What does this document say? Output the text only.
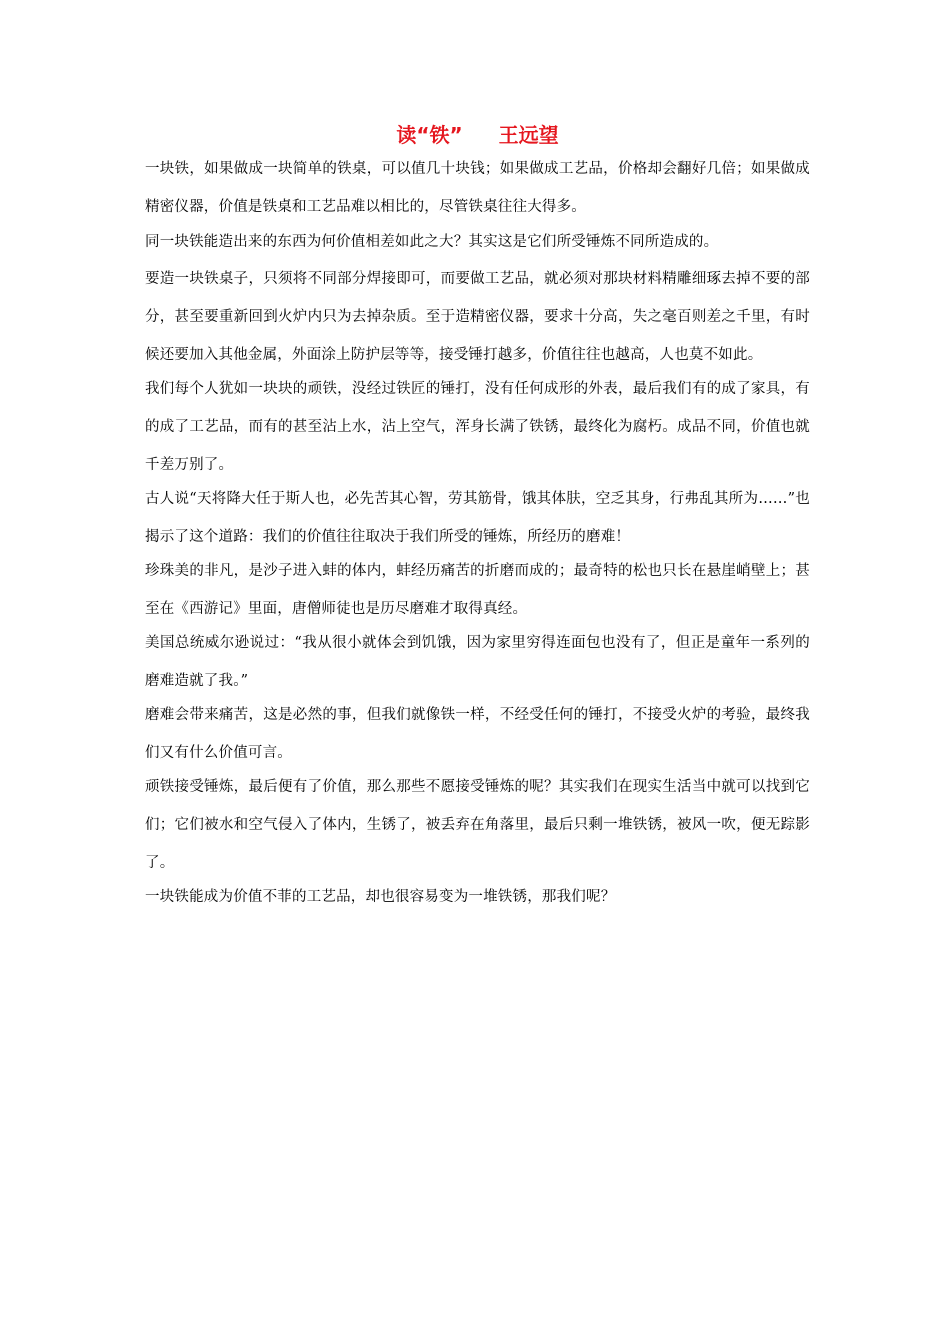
读“铁” 王远望

一块铁，如果做成一块简单的铁桌，可以值几十块钱；如果做成工艺品，价格却会翻好几倍；如果做成精密仪器，价值是铁桌和工艺品难以相比的，尽管铁桌往往大得多。

同一块铁能造出来的东西为何价值相差如此之大？其实这是它们所受锤炼不同所造成的。

要造一块铁桌子，只须将不同部分焊接即可，而要做工艺品，就必须对那块材料精雕细琢去掉不要的部分，甚至要重新回到火炉内只为去掉杂质。至于造精密仪器，要求十分高，失之毫百则差之千里，有时候还要加入其他金属，外面涂上防护层等等，接受锤打越多，价值往往也越高，人也莫不如此。

我们每个人犹如一块块的顽铁，没经过铁匠的锤打，没有任何成形的外表，最后我们有的成了家具，有的成了工艺品，而有的甚至沾上水，沾上空气，浑身长满了铁锈，最终化为腐朽。成品不同，价值也就千差万别了。

古人说“天将降大任于斯人也，必先苦其心智，劳其筋骨，饿其体肤，空乏其身，行弗乱其所为……”也揭示了这个道路：我们的价值往往取决于我们所受的锤炼，所经历的磨难！

珍珠美的非凡，是沙子进入蚌的体内，蚌经历痛苦的折磨而成的；最奇特的松也只长在悬崖峭壁上；甚至在《西游记》里面，唐僧师徒也是历尽磨难才取得真经。

美国总统威尔逊说过：“我从很小就体会到饥饿，因为家里穷得连面包也没有了，但正是童年一系列的磨难造就了我。”

磨难会带来痛苦，这是必然的事，但我们就像铁一样，不经受任何的锤打，不接受火炉的考验，最终我们又有什么价值可言。

顽铁接受锤炼，最后便有了价值，那么那些不愿接受锤炼的呢？其实我们在现实生活当中就可以找到它们；它们被水和空气侵入了体内，生锈了，被丢弃在角落里，最后只剩一堆铁锈，被风一吹，便无踪影了。

一块铁能成为价值不菲的工艺品，却也很容易变为一堆铁锈，那我们呢？
